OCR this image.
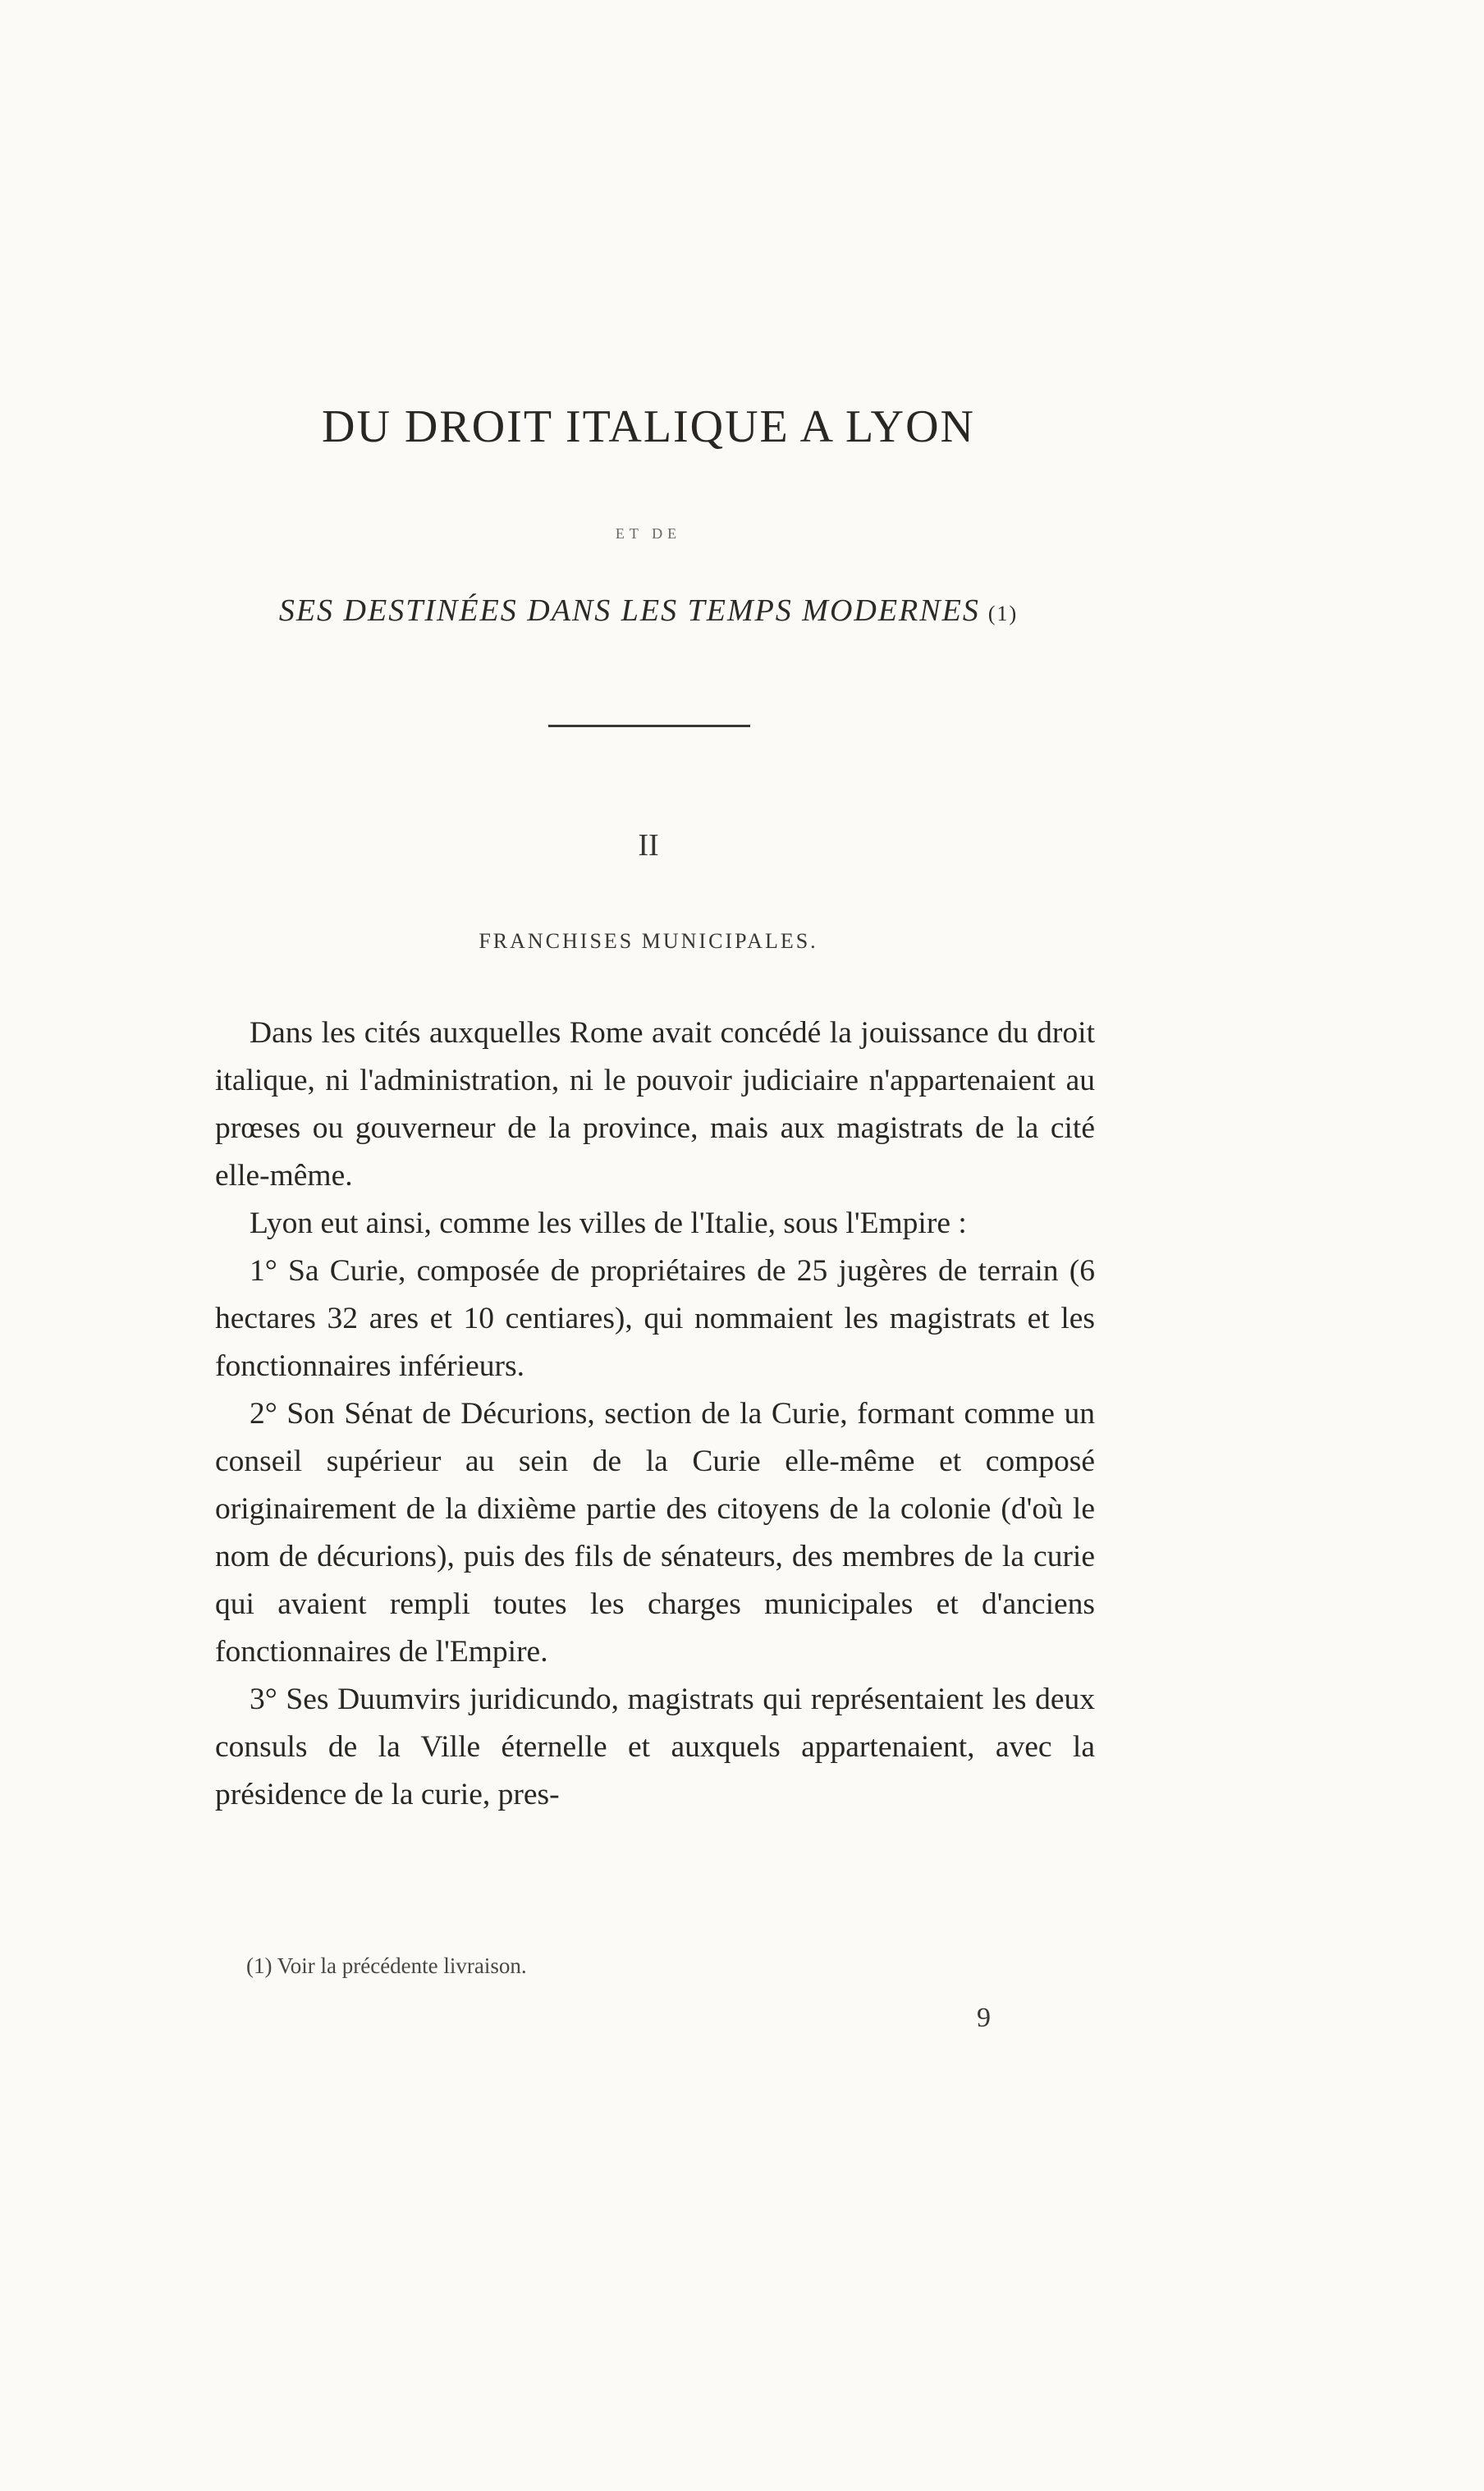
DU DROIT ITALIQUE A LYON
ET DE
SES DESTINÉES DANS LES TEMPS MODERNES (1)
II
FRANCHISES MUNICIPALES.

Dans les cités auxquelles Rome avait concédé la jouissance du droit italique, ni l'administration, ni le pouvoir judiciaire n'appartenaient au prœses ou gouverneur de la province, mais aux magistrats de la cité elle-même.

Lyon eut ainsi, comme les villes de l'Italie, sous l'Empire :

1° Sa Curie, composée de propriétaires de 25 jugères de terrain (6 hectares 32 ares et 10 centiares), qui nommaient les magistrats et les fonctionnaires inférieurs.

2° Son Sénat de Décurions, section de la Curie, formant comme un conseil supérieur au sein de la Curie elle-même et composé originairement de la dixième partie des citoyens de la colonie (d'où le nom de décurions), puis des fils de sénateurs, des membres de la curie qui avaient rempli toutes les charges municipales et d'anciens fonctionnaires de l'Empire.

3° Ses Duumvirs juridicundo, magistrats qui représentaient les deux consuls de la Ville éternelle et auxquels appartenaient, avec la présidence de la curie, pres-

(1) Voir la précédente livraison.
9
